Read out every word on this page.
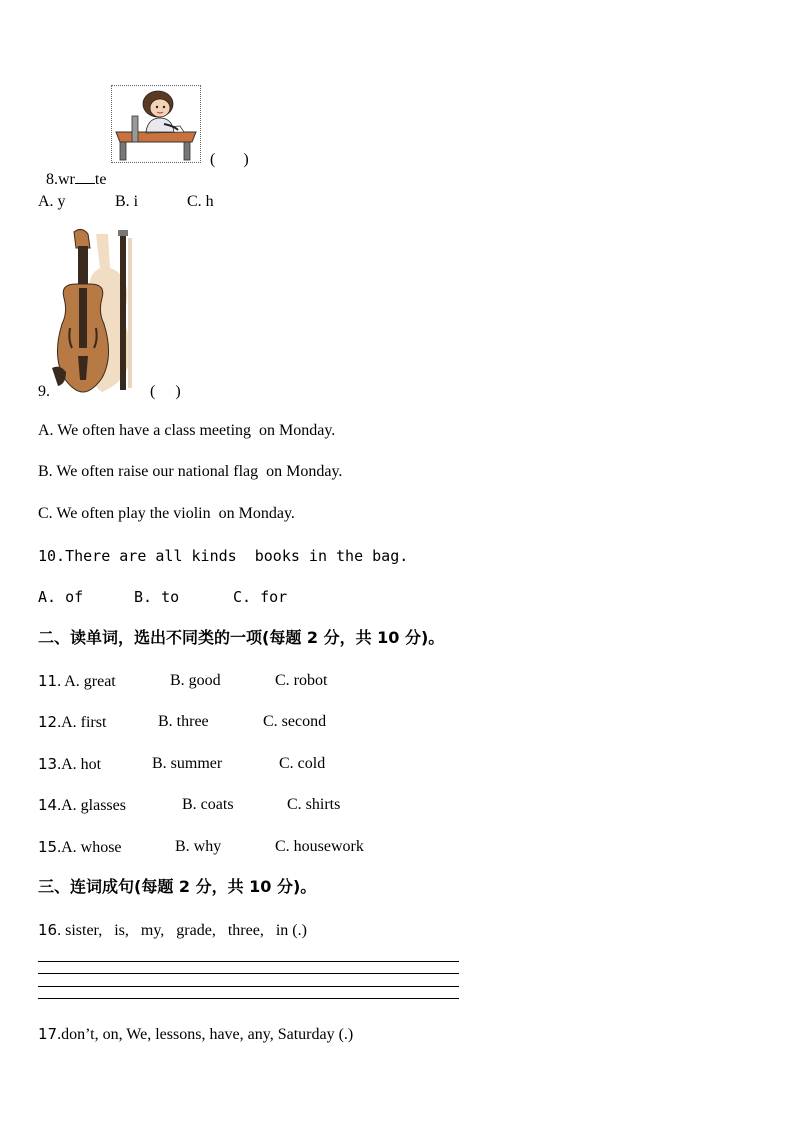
8.wr te

(       )
A. y	B. i	C. h
9.	(     )
A. We often have a class meeting  on Monday.
B. We often raise our national flag  on Monday.
C. We often play the violin  on Monday.
10.There are all kinds  books in the bag.
A. of	B. to	C. for
二、读单词，选出不同类的一项(每题 2 分，共 10 分)。
11. A. great	B. good	C. robot
12.A. first	B. three	C. second
13.A. hot	B. summer	C. cold
14.A. glasses	B. coats	C. shirts
15.A. whose	B. why	C. housework
三、连词成句(每题 2 分，共 10 分)。
16. sister,   is,   my,   grade,   three,   in (.)
17.don’t, on, We, lessons, have, any, Saturday (.)
